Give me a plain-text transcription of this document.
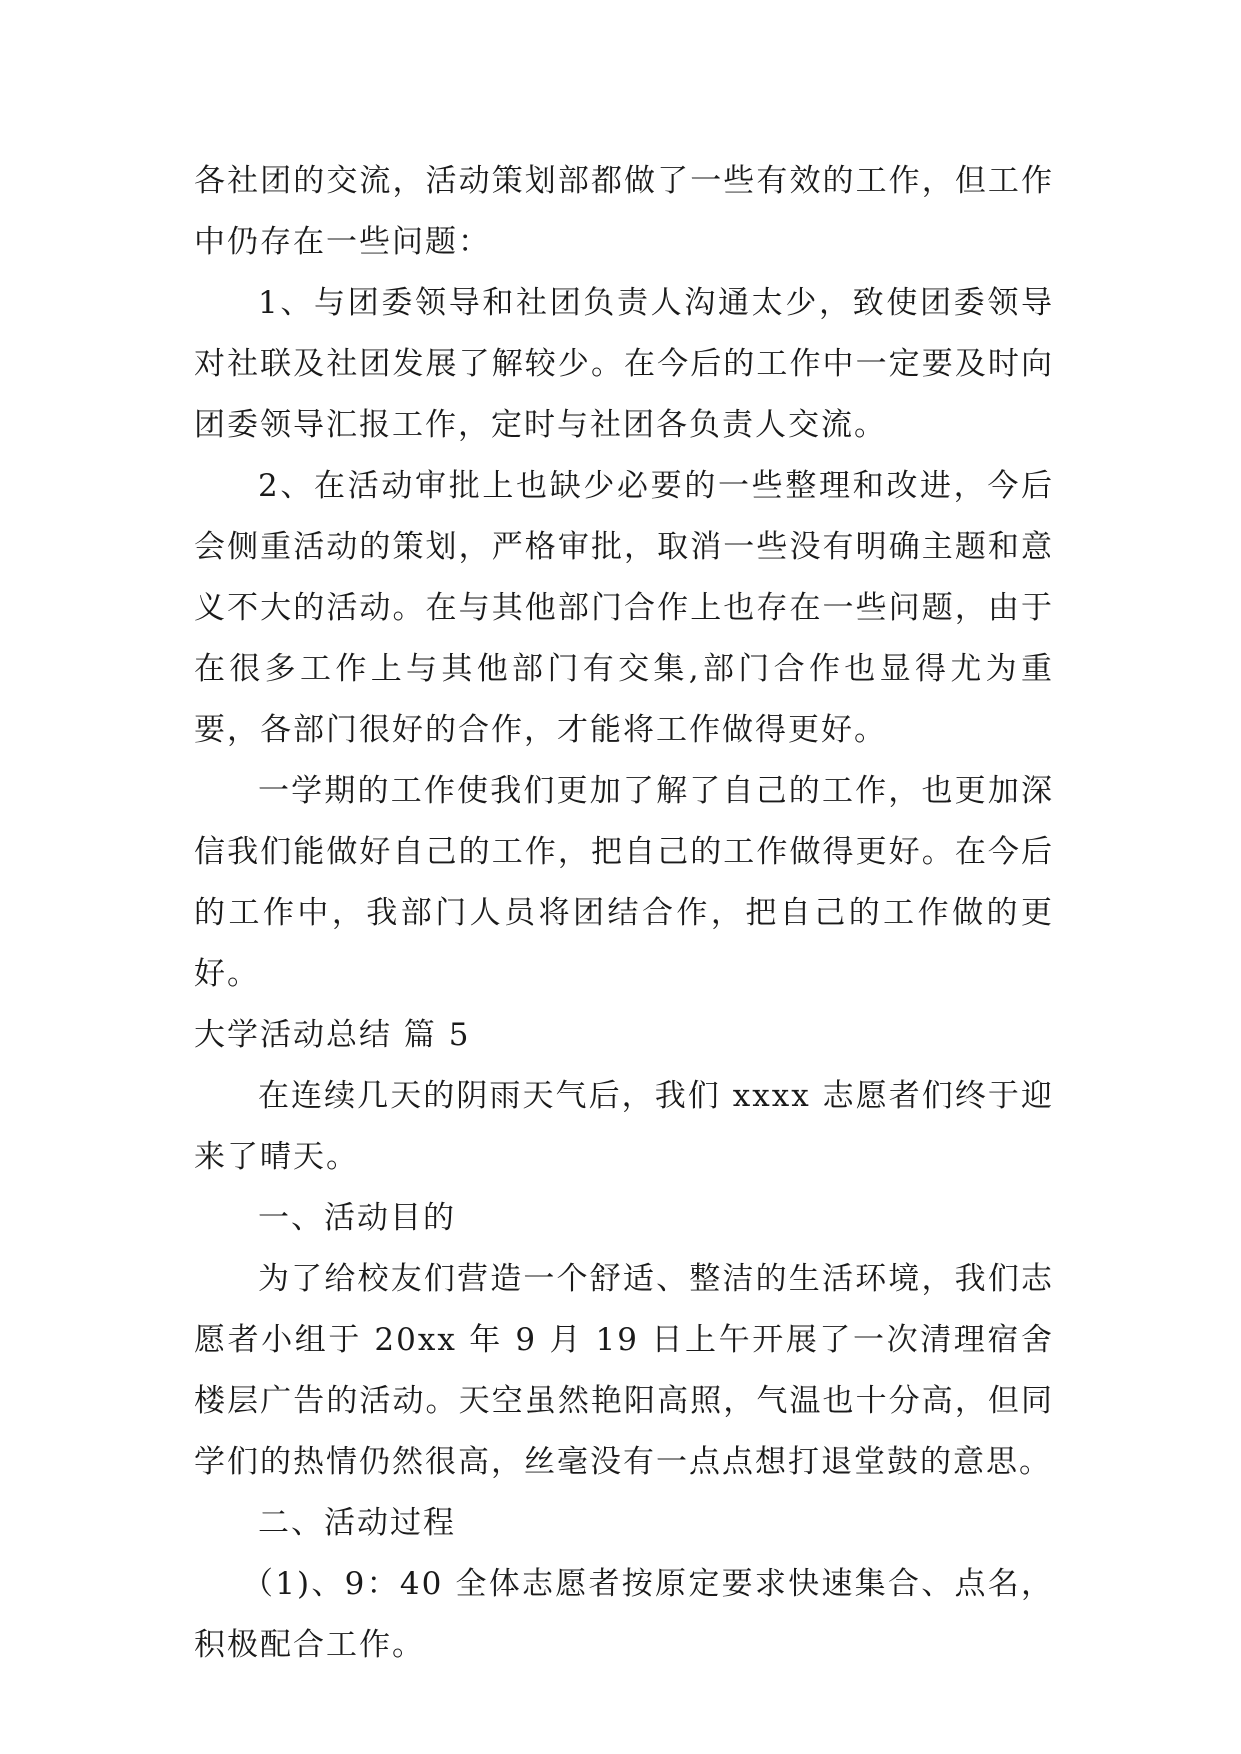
各社团的交流，活动策划部都做了一些有效的工作，但工作中仍存在一些问题：

1、与团委领导和社团负责人沟通太少，致使团委领导对社联及社团发展了解较少。在今后的工作中一定要及时向团委领导汇报工作，定时与社团各负责人交流。

2、在活动审批上也缺少必要的一些整理和改进，今后会侧重活动的策划，严格审批，取消一些没有明确主题和意义不大的活动。在与其他部门合作上也存在一些问题，由于在很多工作上与其他部门有交集,部门合作也显得尤为重要，各部门很好的合作，才能将工作做得更好。

一学期的工作使我们更加了解了自己的工作，也更加深信我们能做好自己的工作，把自己的工作做得更好。在今后的工作中，我部门人员将团结合作，把自己的工作做的更好。

大学活动总结 篇 5

在连续几天的阴雨天气后，我们 xxxx 志愿者们终于迎来了晴天。

一、活动目的

为了给校友们营造一个舒适、整洁的生活环境，我们志愿者小组于 20xx 年 9 月 19 日上午开展了一次清理宿舍楼层广告的活动。天空虽然艳阳高照，气温也十分高，但同学们的热情仍然很高，丝毫没有一点点想打退堂鼓的意思。

二、活动过程

（1)、9：40 全体志愿者按原定要求快速集合、点名，积极配合工作。
